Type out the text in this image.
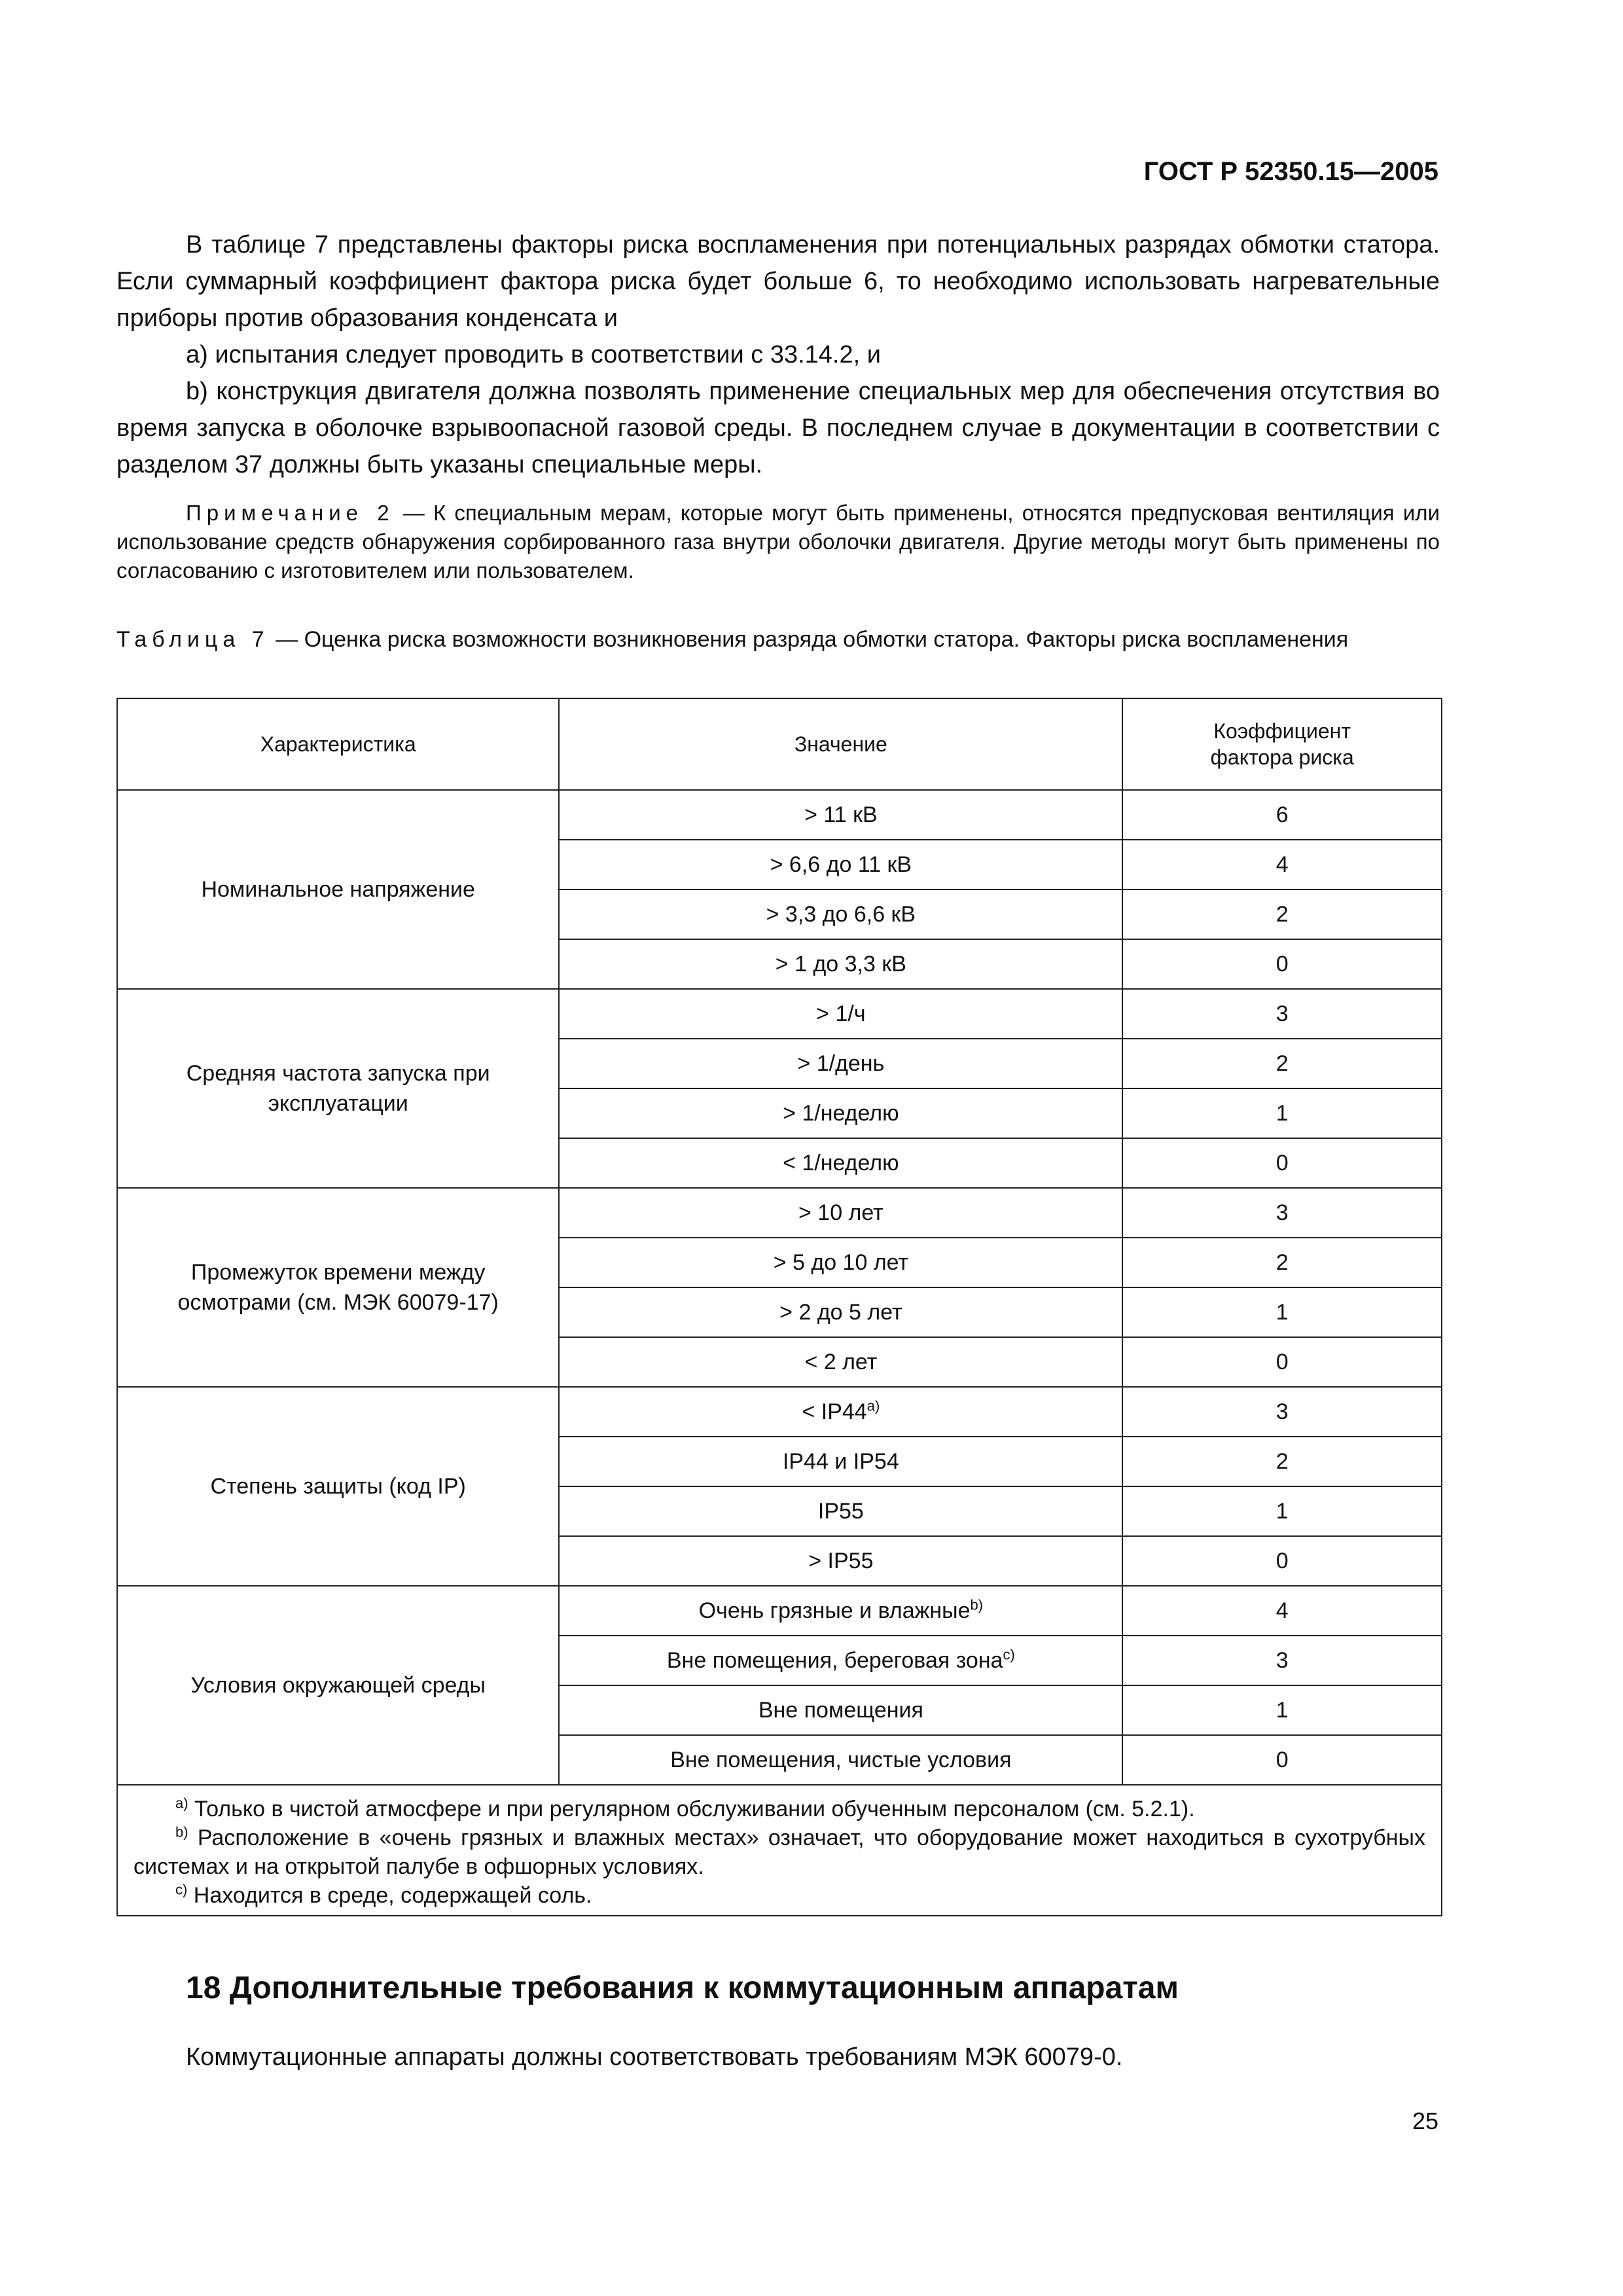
ГОСТ Р 52350.15—2005

В таблице 7 представлены факторы риска воспламенения при потенциальных разрядах обмотки статора. Если суммарный коэффициент фактора риска будет больше 6, то необходимо использовать нагревательные приборы против образования конденсата и

а) испытания следует проводить в соответствии с 33.14.2, и

b) конструкция двигателя должна позволять применение специальных мер для обеспечения отсутствия во время запуска в оболочке взрывоопасной газовой среды. В последнем случае в документации в соответствии с разделом 37 должны быть указаны специальные меры.

Примечание 2 — К специальным мерам, которые могут быть применены, относятся предпусковая вентиляция или использование средств обнаружения сорбированного газа внутри оболочки двигателя. Другие методы могут быть применены по согласованию с изготовителем или пользователем.

Таблица 7 — Оценка риска возможности возникновения разряда обмотки статора. Факторы риска воспламенения
Характеристика	Значение	Коэффициент
фактора риска
Номинальное напряжение	> 11 кВ	6
	> 6,6 до 11 кВ	4
	> 3,3 до 6,6 кВ	2
	> 1 до 3,3 кВ	0
Средняя частота запуска при
эксплуатации	> 1/ч	3
	> 1/день	2
	> 1/неделю	1
	< 1/неделю	0
Промежуток времени между
осмотрами (см. МЭК 60079-17)	> 10 лет	3
	> 5 до 10 лет	2
	> 2 до 5 лет	1
	< 2 лет	0
Степень защиты (код IP)	< $IP44^{а)}$	3
	IP44 и IP54	2
	IP55	1
	> IP55	0
Условия окружающей среды	Очень грязные и влажные$^{b)}$	4
	Вне помещения, береговая зона$^{с)}$	3
	Вне помещения	1
	Вне помещения, чистые условия	0

$^{а)}$ Только в чистой атмосфере и при регулярном обслуживании обученным персоналом (см. 5.2.1).

$^{b)}$ Расположение в «очень грязных и влажных местах» означает, что оборудование может находиться в сухотрубных системах и на открытой палубе в офшорных условиях.

$^{с)}$ Находится в среде, содержащей соль.		

18 Дополнительные требования к коммутационным аппаратам
Коммутационные аппараты должны соответствовать требованиям МЭК 60079-0.
25
